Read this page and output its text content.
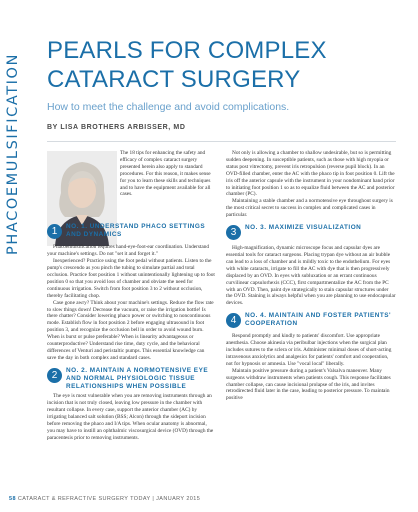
PHACOEMULSIFICATION
PEARLS FOR COMPLEX CATARACT SURGERY
How to meet the challenge and avoid complications.
BY LISA BROTHERS ARBISSER, MD

The 18 tips for enhancing the safety and efficacy of complex cataract surgery presented herein also apply to standard procedures. For this reason, it makes sense for you to learn these skills and techniques and to have the equipment available for all cases.

1	NO. 1. UNDERSTAND PHACO SETTINGS AND DYNAMICS

Phacoemulsification requires hand-eye-foot-ear coordination. Understand your machine's settings. Do not "set it and forget it."

Inexperienced? Practice using the foot pedal without patients. Listen to the pump's crescendo as you pinch the tubing to simulate partial and total occlusion. Practice foot position 1 without unintentionally lightening up to foot position 0 so that you avoid loss of chamber and obviate the need for continuous irrigation. Switch from foot position 3 to 2 without occlusion, thereby facilitating chop.

Case gone awry? Think about your machine's settings. Reduce the flow rate to slow things down! Decrease the vacuum, or raise the irrigation bottle! Is there chatter? Consider lowering phaco power or switching to noncontinuous mode. Establish flow in foot position 2 before engaging ultrasound in foot position 3, and recognize the occlusion bell in order to avoid wound burn. When is burst or pulse preferable? When is linearity advantageous or counterproductive? Understand rise time, duty cycle, and the behavioral differences of Venturi and peristaltic pumps. This essential knowledge can save the day in both complex and standard cases.

2	NO. 2. MAINTAIN A NORMOTENSIVE EYE AND NORMAL PHYSIOLOGIC TISSUE RELATIONSHIPS WHEN POSSIBLE

The eye is most vulnerable when you are removing instruments through an incision that is not truly closed, leaving low pressure in the chamber with resultant collapse. In every case, support the anterior chamber (AC) by irrigating balanced salt solution (BSS; Alcon) through the sideport incision before removing the phaco and I/A tips. When ocular anatomy is abnormal, you may have to instill an ophthalmic viscosurgical device (OVD) through the paracentesis prior to removing instruments.

Not only is allowing a chamber to shallow undesirable, but so is permitting sudden deepening. In susceptible patients, such as those with high myopia or status post vitrectomy, prevent iris retropulsion (reverse pupil block). In an OVD-filled chamber, enter the AC with the phaco tip in foot position 0. Lift the iris off the anterior capsule with the instrument in your nondominant hand prior to initiating foot position 1 so as to equalize fluid between the AC and posterior chamber (PC).

Maintaining a stable chamber and a normotensive eye throughout surgery is the most critical secret to success in complex and complicated cases in particular.

3	NO. 3. MAXIMIZE VISUALIZATION

High-magnification, dynamic microscope focus and capsular dyes are essential tools for cataract surgeons. Placing trypan dye without an air bubble can lead to a loss of chamber and is mildly toxic to the endothelium. For eyes with white cataracts, irrigate to fill the AC with dye that is then progressively displaced by an OVD. In eyes with subluxation or an errant continuous curvilinear capsulorhexis (CCC), first compartmentalize the AC from the PC with an OVD. Then, paint dye strategically to stain capsular structures under the OVD. Staining is always helpful when you are planning to use endocapsular devices.

4	NO. 4. MAINTAIN AND FOSTER PATIENTS' COOPERATION

Respond promptly and kindly to patients' discomfort. Use appropriate anesthesia. Choose akinesia via peribulbar injections when the surgical plan includes sutures to the sclera or iris. Administer minimal doses of short-acting intravenous anxiolytics and analgesics for patients' comfort and cooperation, not for hypnosis or amnesia. Use "vocal local" liberally.

Maintain positive pressure during a patient's Valsalva maneuver. Many surgeons withdraw instruments when patients cough. This response facilitates chamber collapse, can cause incisional prolapse of the iris, and invites retrodirected fluid later in the case, leading to posterior pressure. To maintain positive

58 CATARACT & REFRACTIVE SURGERY TODAY | JANUARY 2015
